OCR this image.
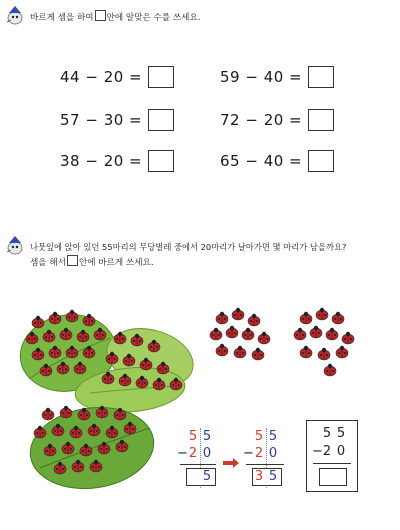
바르게 셈을 하여 안에 알맞은 수를 쓰세요.
44 − 20 =	59 − 40 =
57 − 30 =	72 − 20 =
38 − 20 =	65 − 40 =
나뭇잎에 앉아 있던 55마리의 무당벌레 중에서 20마리가 날아가면 몇 마리가 남을까요?
셈을 해서 안에 바르게 쓰세요.
5 5
− 2 0
5
5 5
− 2 0
3 5
5 5
− 2 0
